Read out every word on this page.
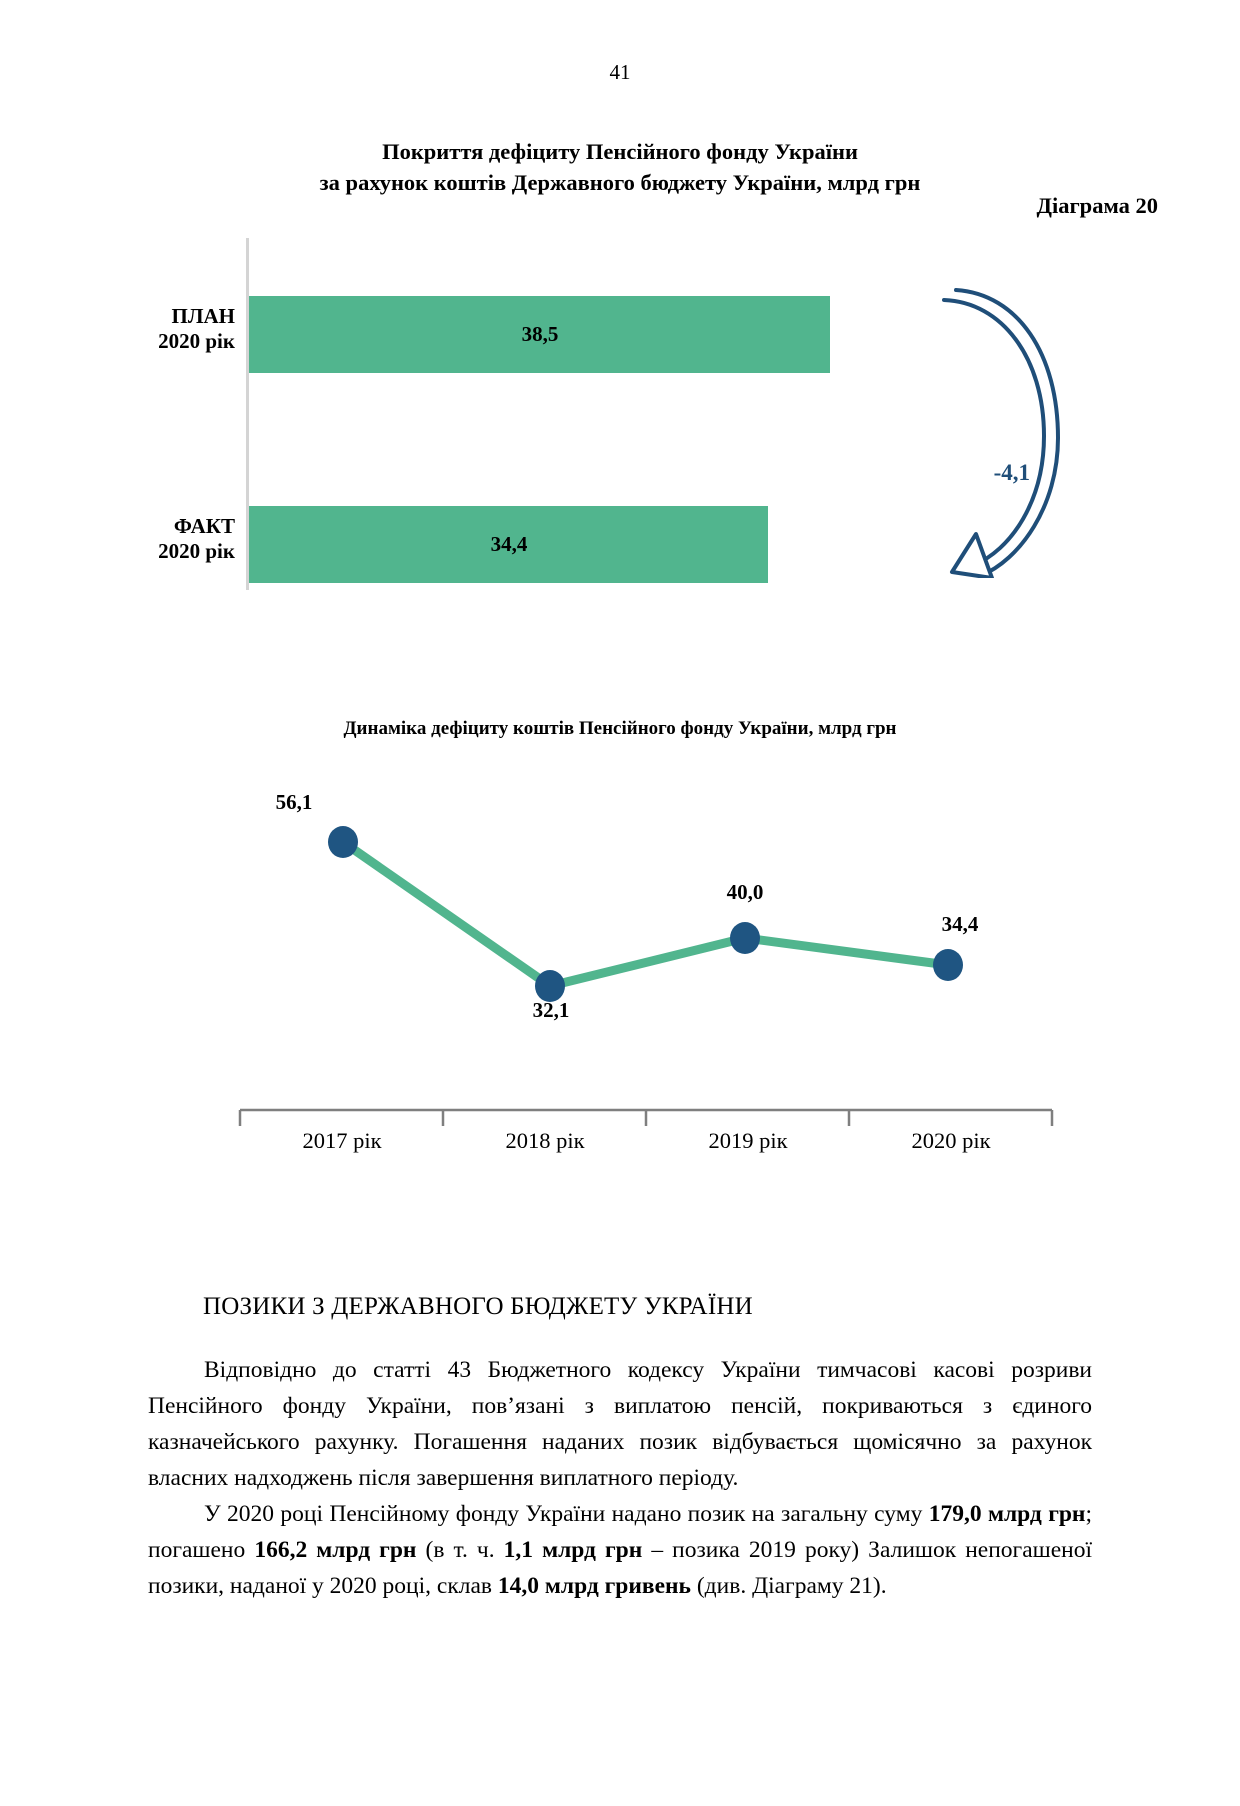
41
Покриття дефіциту Пенсійного фонду України
за рахунок коштів Державного бюджету України, млрд грн
Діаграма 20
ПЛАН
2020 рік	38,5
ФАКТ
2020 рік	34,4
-4,1
Динаміка дефіциту коштів Пенсійного фонду України, млрд грн
56,1
32,1
40,0
34,4
2017 рік	2018 рік	2019 рік	2020 рік
ПОЗИКИ З ДЕРЖАВНОГО БЮДЖЕТУ УКРАЇНИ

Відповідно до статті 43 Бюджетного кодексу України тимчасові касові розриви Пенсійного фонду України, пов’язані з виплатою пенсій, покриваються з єдиного казначейського рахунку. Погашення наданих позик відбувається щомісячно за рахунок власних надходжень після завершення виплатного періоду.

У 2020 році Пенсійному фонду України надано позик на загальну суму 179,0 млрд грн; погашено 166,2 млрд грн (в т. ч. 1,1 млрд грн – позика 2019 року) Залишок непогашеної позики, наданої у 2020 році, склав 14,0 млрд гривень (див. Діаграму 21).
